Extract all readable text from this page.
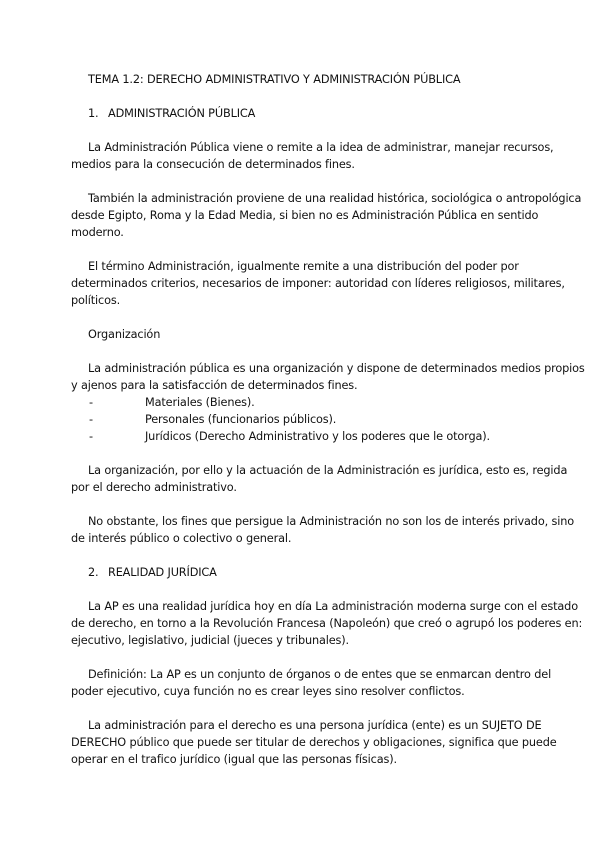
TEMA 1.2: DERECHO ADMINISTRATIVO Y ADMINISTRACIÓN PÚBLICA
1. ADMINISTRACIÓN PÚBLICA
La Administración Pública viene o remite a la idea de administrar, manejar recursos,
medios para la consecución de determinados fines.
También la administración proviene de una realidad histórica, sociológica o antropológica
desde Egipto, Roma y la Edad Media, si bien no es Administración Pública en sentido
moderno.
El término Administración, igualmente remite a una distribución del poder por
determinados criterios, necesarios de imponer: autoridad con líderes religiosos, militares,
políticos.
Organización
La administración pública es una organización y dispone de determinados medios propios
y ajenos para la satisfacción de determinados fines.
-	Materiales (Bienes).
-	Personales (funcionarios públicos).
-	Jurídicos (Derecho Administrativo y los poderes que le otorga).
La organización, por ello y la actuación de la Administración es jurídica, esto es, regida
por el derecho administrativo.
No obstante, los fines que persigue la Administración no son los de interés privado, sino
de interés público o colectivo o general.
2. REALIDAD JURÍDICA
La AP es una realidad jurídica hoy en día La administración moderna surge con el estado
de derecho, en torno a la Revolución Francesa (Napoleón) que creó o agrupó los poderes en:
ejecutivo, legislativo, judicial (jueces y tribunales).
Definición: La AP es un conjunto de órganos o de entes que se enmarcan dentro del
poder ejecutivo, cuya función no es crear leyes sino resolver conflictos.
La administración para el derecho es una persona jurídica (ente) es un SUJETO DE
DERECHO público que puede ser titular de derechos y obligaciones, significa que puede
operar en el trafico jurídico (igual que las personas físicas).
